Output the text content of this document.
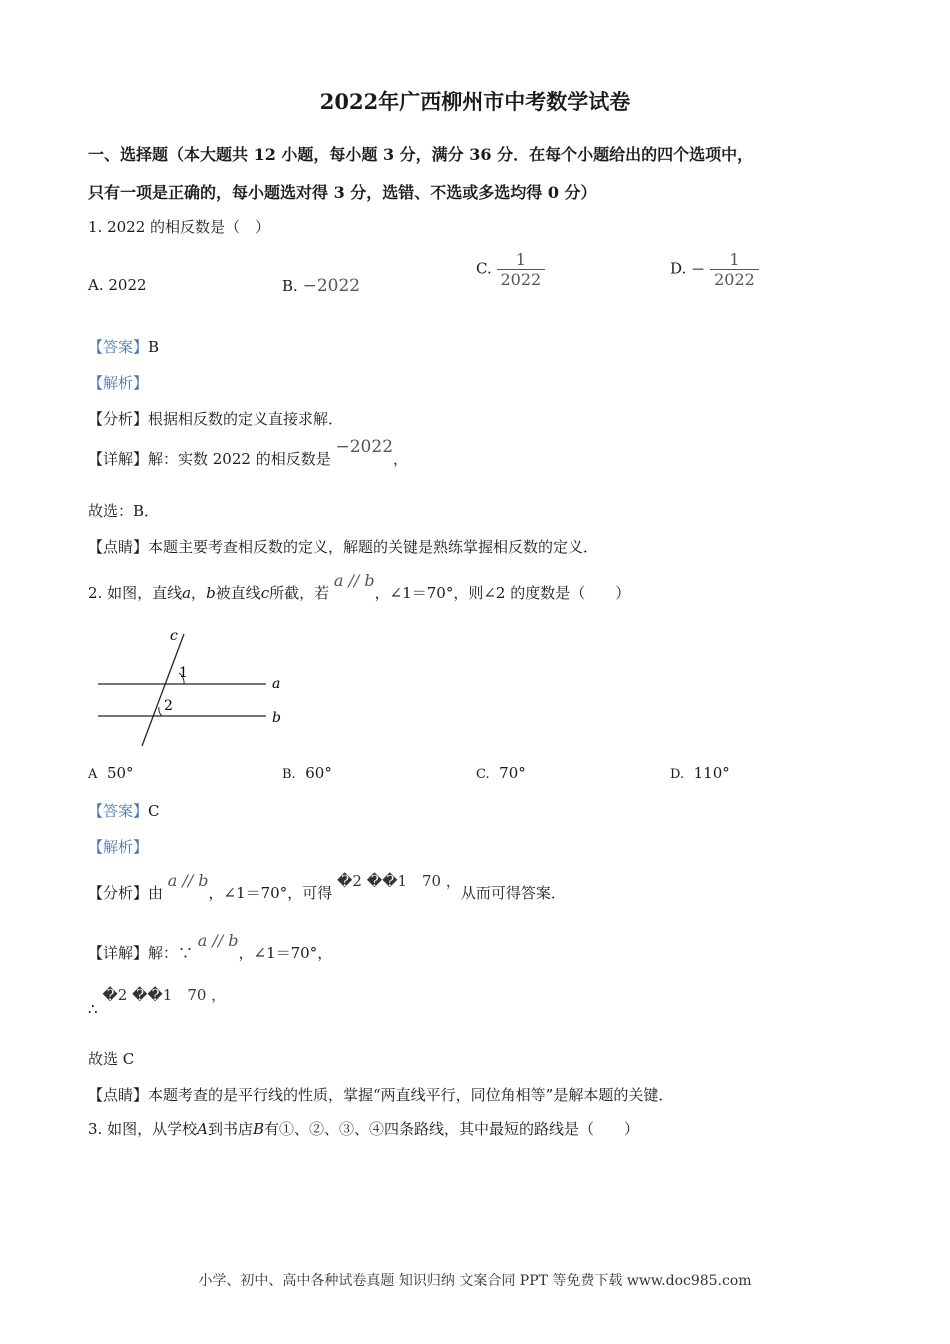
2022年广西柳州市中考数学试卷
一、选择题（本大题共 12 小题，每小题 3 分，满分 36 分．在每个小题给出的四个选项中，
只有一项是正确的，每小题选对得 3 分，选错、不选或多选均得 0 分）
1. 2022 的相反数是（　）
A. 2022	B. −2022
C. $\frac{1}{2022}$	D. − $\frac{1}{2022}$
【答案】B
【解析】
【分析】根据相反数的定义直接求解．
【详解】解：实数 2022 的相反数是 −2022，
故选：B．
【点睛】本题主要考查相反数的定义，解题的关键是熟练掌握相反数的定义．
2. 如图，直线a，b被直线c所截，若 a // b，∠1＝70°，则∠2 的度数是（　　）
c
1
2
a
b
A 50°	B. 60°	C. 70°	D. 110°
【答案】C
【解析】
【分析】由 a // b，∠1＝70°，可得 �2 ��1　70 ，从而可得答案．
【详解】解：∵ a // b，∠1＝70°，
∴ �2 ��1　70 ，
故选 C
【点睛】本题考查的是平行线的性质，掌握“两直线平行，同位角相等”是解本题的关键．
3. 如图，从学校A到书店B有①、②、③、④四条路线，其中最短的路线是（　　）
小学、初中、高中各种试卷真题 知识归纳 文案合同 PPT 等免费下载 www.doc985.com
